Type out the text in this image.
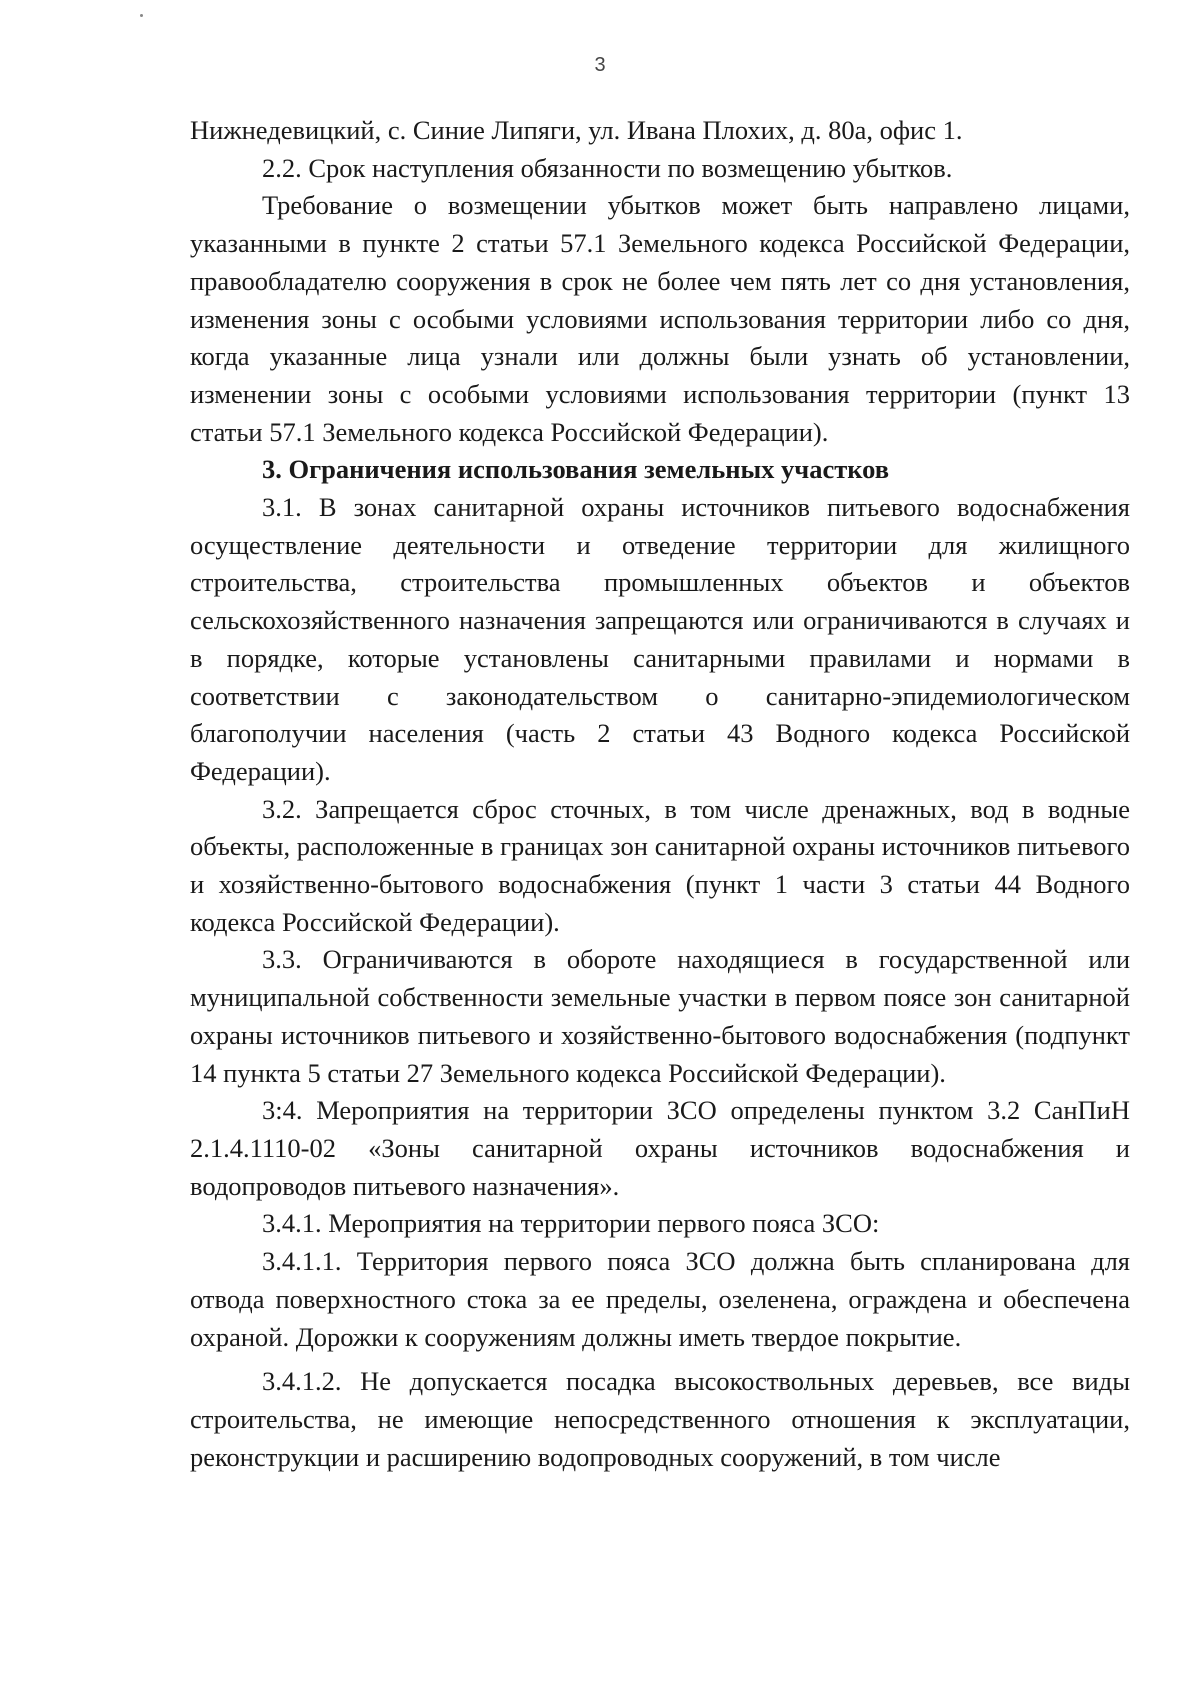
3

Нижнедевицкий, с. Синие Липяги, ул. Ивана Плохих, д. 80а, офис 1.

2.2. Срок наступления обязанности по возмещению убытков.

Требование о возмещении убытков может быть направлено лицами, указанными в пункте 2 статьи 57.1 Земельного кодекса Российской Федерации, правообладателю сооружения в срок не более чем пять лет со дня установления, изменения зоны с особыми условиями использования территории либо со дня, когда указанные лица узнали или должны были узнать об установлении, изменении зоны с особыми условиями использования территории (пункт 13 статьи 57.1 Земельного кодекса Российской Федерации).

3. Ограничения использования земельных участков

3.1. В зонах санитарной охраны источников питьевого водоснабжения осуществление деятельности и отведение территории для жилищного строительства, строительства промышленных объектов и объектов сельскохозяйственного назначения запрещаются или ограничиваются в случаях и в порядке, которые установлены санитарными правилами и нормами в соответствии с законодательством о санитарно-эпидемиологическом благополучии населения (часть 2 статьи 43 Водного кодекса Российской Федерации).

3.2. Запрещается сброс сточных, в том числе дренажных, вод в водные объекты, расположенные в границах зон санитарной охраны источников питьевого и хозяйственно-бытового водоснабжения (пункт 1 части 3 статьи 44 Водного кодекса Российской Федерации).

3.3. Ограничиваются в обороте находящиеся в государственной или муниципальной собственности земельные участки в первом поясе зон санитарной охраны источников питьевого и хозяйственно-бытового водоснабжения (подпункт 14 пункта 5 статьи 27 Земельного кодекса Российской Федерации).

3:4. Мероприятия на территории ЗСО определены пунктом 3.2 СанПиН 2.1.4.1110-02 «Зоны санитарной охраны источников водоснабжения и водопроводов питьевого назначения».

3.4.1. Мероприятия на территории первого пояса ЗСО:

3.4.1.1. Территория первого пояса ЗСО должна быть спланирована для отвода поверхностного стока за ее пределы, озеленена, ограждена и обеспечена охраной. Дорожки к сооружениям должны иметь твердое покрытие.

3.4.1.2. Не допускается посадка высокоствольных деревьев, все виды строительства, не имеющие непосредственного отношения к эксплуатации, реконструкции и расширению водопроводных сооружений, в том числе
